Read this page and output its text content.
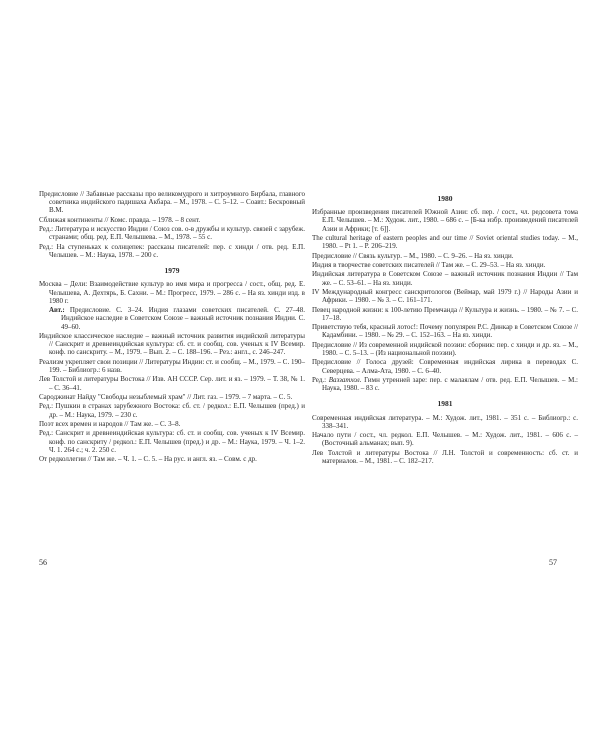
Предисловие // Забавные рассказы про великомудрого и хитроумного Бирбала, главного советника индийского падишаха Акбара. – М., 1978. – С. 5–12. – Соавт.: Бескровный В.М.
Сближая континенты // Комс. правда. – 1978. – 8 сент.
Ред.: Литература и искусство Индии / Союз сов. о-в дружбы и культур. связей с зарубеж. странами; общ. ред. Е.П. Челышева. – М., 1978. – 55 с.
Ред.: На ступеньках к солнцепек: рассказы писателей: пер. с хинди / отв. ред. Е.П. Челышев. – М.: Наука, 1978. – 200 с.
1979
Москва – Дели: Взаимодействие культур во имя мира и прогресса / сост., общ. ред. Е. Челышева, А. Дехтярь, Б. Сахни. – М.: Прогресс, 1979. – 286 с. – На яз. хинди изд. в 1980 г.
Авт.: Предисловие. С. 3–24. Индия глазами советских писателей. С. 27–48. Индийское наследие в Советском Союзе – важный источник познания Индии. С. 49–60.
Индийское классическое наследие – важный источник развития индийской литературы // Санскрит и древнеиндийская культура: сб. ст. и сообщ. сов. ученых к IV Всемир. конф. по санскриту. – М., 1979. – Вып. 2. – С. 188–196. – Рез.: англ., с. 246–247.
Реализм укрепляет свои позиции // Литературы Индии: ст. и сообщ. – М., 1979. – С. 190–199. – Библиогр.: 6 назв.
Лев Толстой и литературы Востока // Изв. АН СССР. Сер. лит. и яз. – 1979. – Т. 38, № 1. – С. 36–41.
Сароджинат Найду "Свободы незыблемый храм" // Лит. газ. – 1979. – 7 марта. – С. 5.
Ред.: Пушкин в странах зарубежного Востока: сб. ст. / редкол.: Е.П. Челышев (пред.) и др. – М.: Наука, 1979. – 230 с.
Поэт всех времен и народов // Там же. – С. 3–8.
Ред.: Санскрит и древнеиндийская культура: сб. ст. и сообщ. сов. ученых к IV Всемир. конф. по санскриту / редкол.: Е.П. Челышев (пред.) и др. – М.: Наука, 1979. – Ч. 1–2. Ч. 1. 264 с.; ч. 2. 250 с.
От редколлегии // Там же. – Ч. 1. – С. 5. – На рус. и англ. яз. – Совм. с др.
1980
Избранные произведения писателей Южной Азии: сб. пер. / сост., чл. редсовета тома Е.П. Челышев. – М.: Худож. лит., 1980. – 686 с. – [Б-ка избр. произведений писателей Азии и Африки; [т. 6]].
The cultural heritage of eastern peoples and our time // Soviet oriental studies today. – M., 1980. – Pt 1. – P. 206–219.
Предисловие // Связь культур. – М., 1980. – С. 9–26. – На яз. хинди.
Индия в творчестве советских писателей // Там же. – С. 29–53. – На яз. хинди.
Индийская литература в Советском Союзе – важный источник познания Индии // Там же. – С. 53–61. – На яз. хинди.
IV Международный конгресс санскритологов (Веймар, май 1979 г.) // Народы Азии и Африки. – 1980. – № 3. – С. 161–171.
Певец народной жизни: к 100-летию Премчанда // Культура и жизнь. – 1980. – № 7. – С. 17–18.
Приветствую тебя, красный лотос!: Почему популярен Р.С. Динкар в Советском Союзе // Кадамбини. – 1980. – № 29. – С. 152–163. – На яз. хинди.
Предисловие // Из современной индийской поэзии: сборник: пер. с хинди и др. яз. – М., 1980. – С. 5–13. – (Из национальной поэзии).
Предисловие // Голоса друзей: Современная индийская лирика в переводах С. Северцева. – Алма-Ата, 1980. – С. 6–40.
Ред.: Ваззатхол. Гимн утренней заре: пер. с малаялам / отв. ред. Е.П. Челышев. – М.: Наука, 1980. – 83 с.
1981
Современная индийская литература. – М.: Худож. лит., 1981. – 351 с. – Библиогр.: с. 338–341.
Начало пути / сост., чл. редкол. Е.П. Челышев. – М.: Худож. лит., 1981. – 606 с. – (Восточный альманах; вып. 9).
Лев Толстой и литературы Востока // Л.Н. Толстой и современность: сб. ст. и материалов. – М., 1981. – С. 182–217.
56	57
